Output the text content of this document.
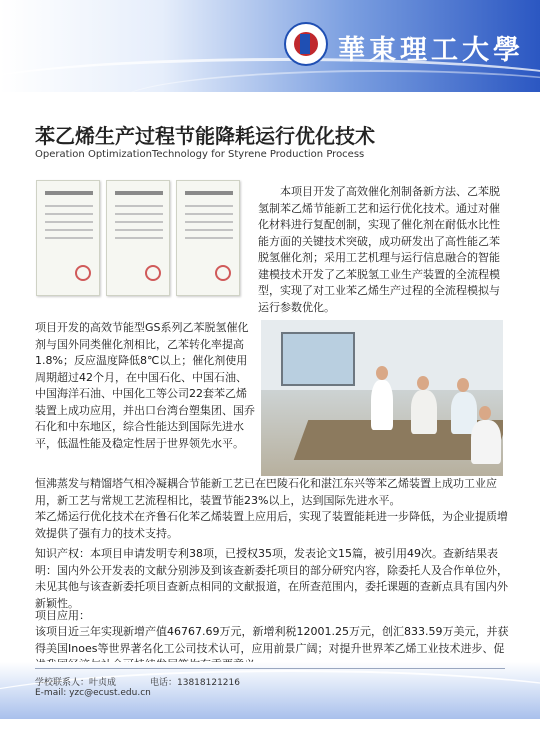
華東理工大學
苯乙烯生产过程节能降耗运行优化技术
Operation OptimizationTechnology for Styrene Production Process

本项目开发了高效催化剂制备新方法、乙苯脱氢制苯乙烯节能新工艺和运行优化技术。通过对催化材料进行复配创制，实现了催化剂在耐低水比性能方面的关键技术突破，成功研发出了高性能乙苯脱氢催化剂；采用工艺机理与运行信息融合的智能建模技术开发了乙苯脱氢工业生产装置的全流程模型，实现了对工业苯乙烯生产过程的全流程模拟与运行参数优化。

项目开发的高效节能型GS系列乙苯脱氢催化剂与国外同类催化剂相比，乙苯转化率提高1.8%；反应温度降低8℃以上；催化剂使用周期超过42个月，在中国石化、中国石油、中国海洋石油、中国化工等公司22套苯乙烯装置上成功应用，并出口台湾台塑集团、国乔石化和中东地区，综合性能达到国际先进水平，低温性能及稳定性居于世界领先水平。

恒沸蒸发与精馏塔气相冷凝耦合节能新工艺已在巴陵石化和湛江东兴等苯乙烯装置上成功工业应用，新工艺与常规工艺流程相比，装置节能23%以上，达到国际先进水平。

苯乙烯运行优化技术在齐鲁石化苯乙烯装置上应用后，实现了装置能耗进一步降低，为企业提质增效提供了强有力的技术支持。

知识产权：本项目申请发明专利38项，已授权35项，发表论文15篇，被引用49次。查新结果表明：国内外公开发表的文献分别涉及到该查新委托项目的部分研究内容，除委托人及合作单位外，未见其他与该查新委托项目查新点相同的文献报道，在所查范围内，委托课题的查新点具有国内外新颖性。

项目应用：

该项目近三年实现新增产值46767.69万元，新增利税12001.25万元，创汇833.59万美元，并获得美国Inoes等世界著名化工公司技术认可，应用前景广阔；对提升世界苯乙烯工业技术进步、促

学校联系人：叶贞成	电话：13818121216
E-mail: yzc@ecust.edu.cn
